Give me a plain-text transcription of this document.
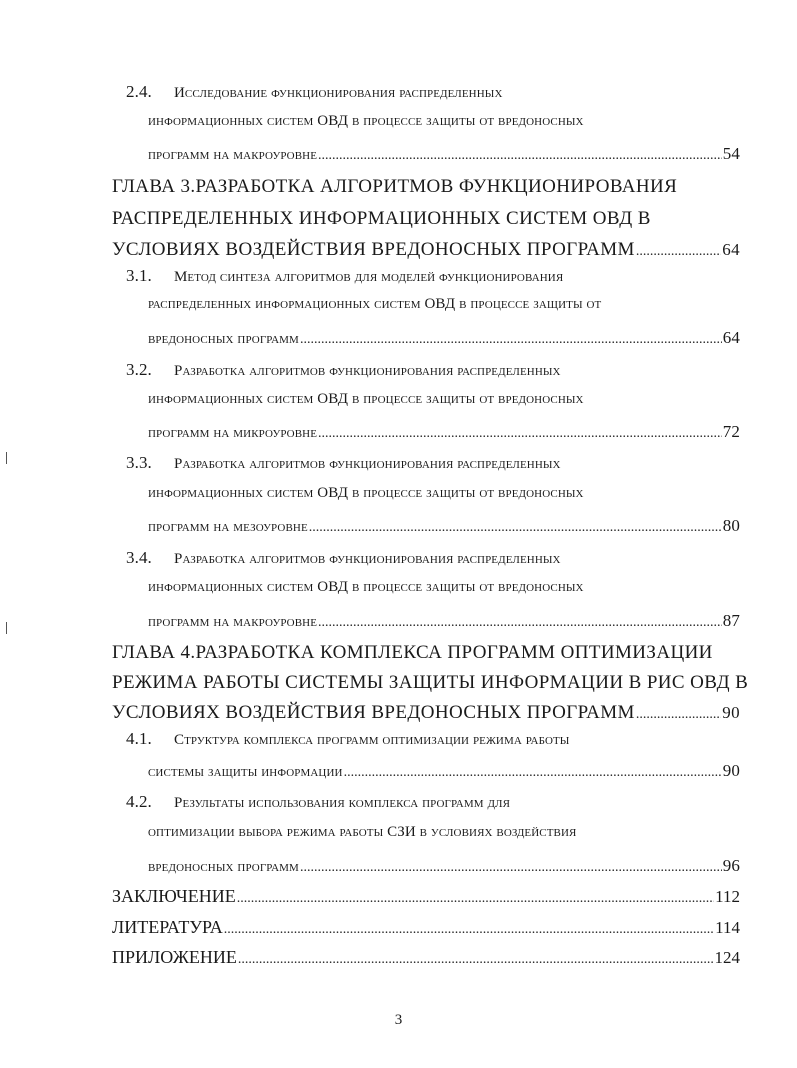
2.4.	Исследование функционирования распределенных
информационных систем ОВД в процессе защиты от вредоносных
программ на макроуровне .....	54
ГЛАВА 3.РАЗРАБОТКА АЛГОРИТМОВ ФУНКЦИОНИРОВАНИЯ
РАСПРЕДЕЛЕННЫХ ИНФОРМАЦИОННЫХ СИСТЕМ ОВД В
УСЛОВИЯХ ВОЗДЕЙСТВИЯ ВРЕДОНОСНЫХ ПРОГРАММ .....	64
3.1.	Метод синтеза алгоритмов для моделей функционирования
распределенных информационных систем ОВД в процессе защиты от
вредоносных программ .....	64
3.2.	Разработка алгоритмов функционирования распределенных
информационных систем ОВД в процессе защиты от вредоносных
программ на микроуровне .....	72
3.3.	Разработка алгоритмов функционирования распределенных
информационных систем ОВД в процессе защиты от вредоносных
программ на мезоуровне .....	80
3.4.	Разработка алгоритмов функционирования распределенных
информационных систем ОВД в процессе защиты от вредоносных
программ на макроуровне .....	87
ГЛАВА 4.РАЗРАБОТКА КОМПЛЕКСА ПРОГРАММ ОПТИМИЗАЦИИ
РЕЖИМА РАБОТЫ СИСТЕМЫ ЗАЩИТЫ ИНФОРМАЦИИ В РИС ОВД В
УСЛОВИЯХ ВОЗДЕЙСТВИЯ ВРЕДОНОСНЫХ ПРОГРАММ .....	90
4.1.	Структура комплекса программ оптимизации режима работы
системы защиты информации .....	90
4.2.	Результаты использования комплекса программ для
оптимизации выбора режима работы СЗИ в условиях воздействия
вредоносных программ .....	96
ЗАКЛЮЧЕНИЕ .....	112
ЛИТЕРАТУРА .....	114
ПРИЛОЖЕНИЕ .....	124
3
